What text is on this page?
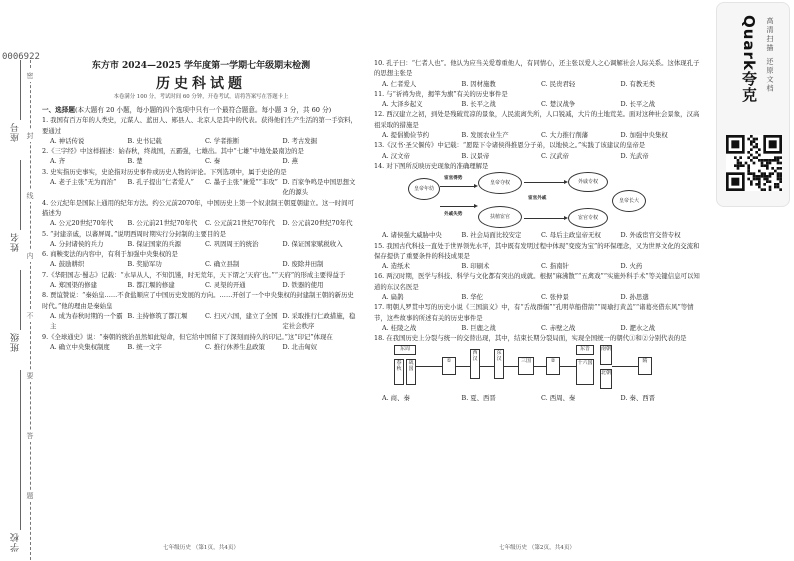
0006922
座号
姓名
班级
学校
密
封
线
内
不
要
答
题
东方市 2024—2025 学年度第一学期七年级期末检测
历史科试题
本卷满分 100 分，考试时间 60 分钟，开卷考试，请将答案写在答题卡上
一、选择题(本大题有 20 小题，每小题的四个选项中只有一个最符合题意。每小题 3 分，共 60 分)
1. 我国有百万年的人类史，元谋人、蓝田人、郧县人、北京人是其中的代表。获得他们生产生活的第一手资料，要通过
A. 神话传说	B. 史书记载	C. 学者推断	D. 考古发掘
2.《三字经》中这样描述：始春秋，终战国，五霸强，七雄出。其中“七雄”中地处最南边的是
A. 齐	B. 楚	C. 秦	D. 燕
3. 史实指历史事实，史论指对历史事件或历史人物的评论。下列选项中，属于史论的是
A. 老子主张“无为而治”	B. 孔子提出“仁者爱人”	C. 墨子主张“兼爱”“非攻” D. 百家争鸣是中国思想文化的源头
4. 公元纪年是国际上通用的纪年方法。约公元前2070年，中国历史上第一个奴隶制王朝夏朝建立。这一时间可描述为
A. 公元20世纪70年代	B. 公元前21世纪70年代	C. 公元前21世纪70年代	D. 公元前20世纪70年代
5. “封建亲戚，以蕃屏周。”说明西周时期实行分封制的主要目的是
A. 分封诸侯的兵力	B. 保证国家的兵源	C. 巩固周王的统治	D. 保证国家赋税收入
6. 商鞅变法的内容中，有利于加强中央集权的是
A. 鼓励耕织	B. 奖励军功	C. 确立县制	D. 废除井田制
7.《华阳国志·蜀志》记载：“水旱从人，不知饥馑，时无荒年，天下谓之‘天府’也。”“天府”的形成主要得益于
A. 郑国渠的修建	B. 都江堰的修建	C. 灵渠的开通	D. 铁器的使用
8. 贾谊赞说：“秦始皇……不食盐顺应了中国历史发展的方向。……开创了一个中央集权的封建制王朝的新历史时代。”他的理由是秦始皇
A. 成为春秋时期的一个霸主
B. 主持修筑了都江堰	C. 扫灭六国，建立了全国 D. 采取推行仁政措施，稳定社会秩序
9.《全球通史》说：“秦朝的统治虽然如此短命，但它给中国留下了深刻而持久的印记。”这“印记”体现在
A. 确立中央集权制度	B. 统一文字	C. 推行休养生息政策	D. 北击匈奴
七年级历史 （第1页，共4页）
10. 孔子曰：“仁者人也”。他认为应当关爱尊重他人，有同情心，还主张以爱人之心调解社会人际关系。这体现孔子的思想主张是
A. 仁者爱人	B. 因材施教	C. 民贵君轻	D. 有教无类
11. 与“祈祷为贵，揭竿为旗”有关的历史事件是
A. 大泽乡起义	B. 长平之战	C. 楚汉战争	D. 长平之战
12. 西汉建立之初，到处是残破荒凉的景象，人民流离失所，人口锐减，大片的土地荒芜。面对这种社会景象，汉高祖采取的措施是
A. 提倡勤俭节约	B. 发展农业生产	C. 大力推行削藩	D. 加强中央集权
13.《汉书·圣父偃传》中记载：“愿陛下令诸侯得推恩分子弟，以地侯之。”实践了该建议的皇帝是
A. 汉文帝	B. 汉景帝	C. 汉武帝	D. 光武帝
14. 对下图所反映历史现象的准确理解是
皇帝年幼
皇帝夺权
扶植宦官
外戚专权
皇帝长大
宦官专权
宦官得势
外戚失势
宦官外戚
A. 诸侯强大威胁中央	B. 社会局面比较安定	C. 母后主政皇帝无权	D. 外戚宦官交替专权
15. 我国古代科技一直处于世界领先水平，其中既有发明过程中体现“变废为宝”的环保理念，又为世界文化的交流和保存提供了重要条件的科技成果是
A. 造纸术	B. 印刷术	C. 指南针	D. 火药
16. 两汉时期，医学与科技、科学与文化都有突出的成就。根据“麻沸散”“五禽戏”“实施外科手术”等关键信息可以知道的东汉名医是
A. 扁鹊	B. 华佗	C. 张仲景	D. 孙思邈
17. 明朝人罗贯中写的历史小说《三国演义》中，有“舌战群儒”“孔明草船借箭”“周瑜打黄盖”“诸葛亮借东风”等情节，这些故事的所述有关的历史事件是
A. 桂陵之战	B. 巨鹿之战	C. 赤壁之战	D. 淝水之战
18. 在我国历史上分裂与统一的交替出现，其中，结束长期分裂局面，实现全国统一的朝代①和②分别代表的是
东周
春秋
战国
①
西汉
东汉	三国	②
东晋
十六国
南朝
北朝
隋
A. 商、秦	B. 夏、西晋	C. 西周、秦	D. 秦、西晋
七年级历史 （第2页，共4页）
Quark夸克 高清扫描 还原文档
